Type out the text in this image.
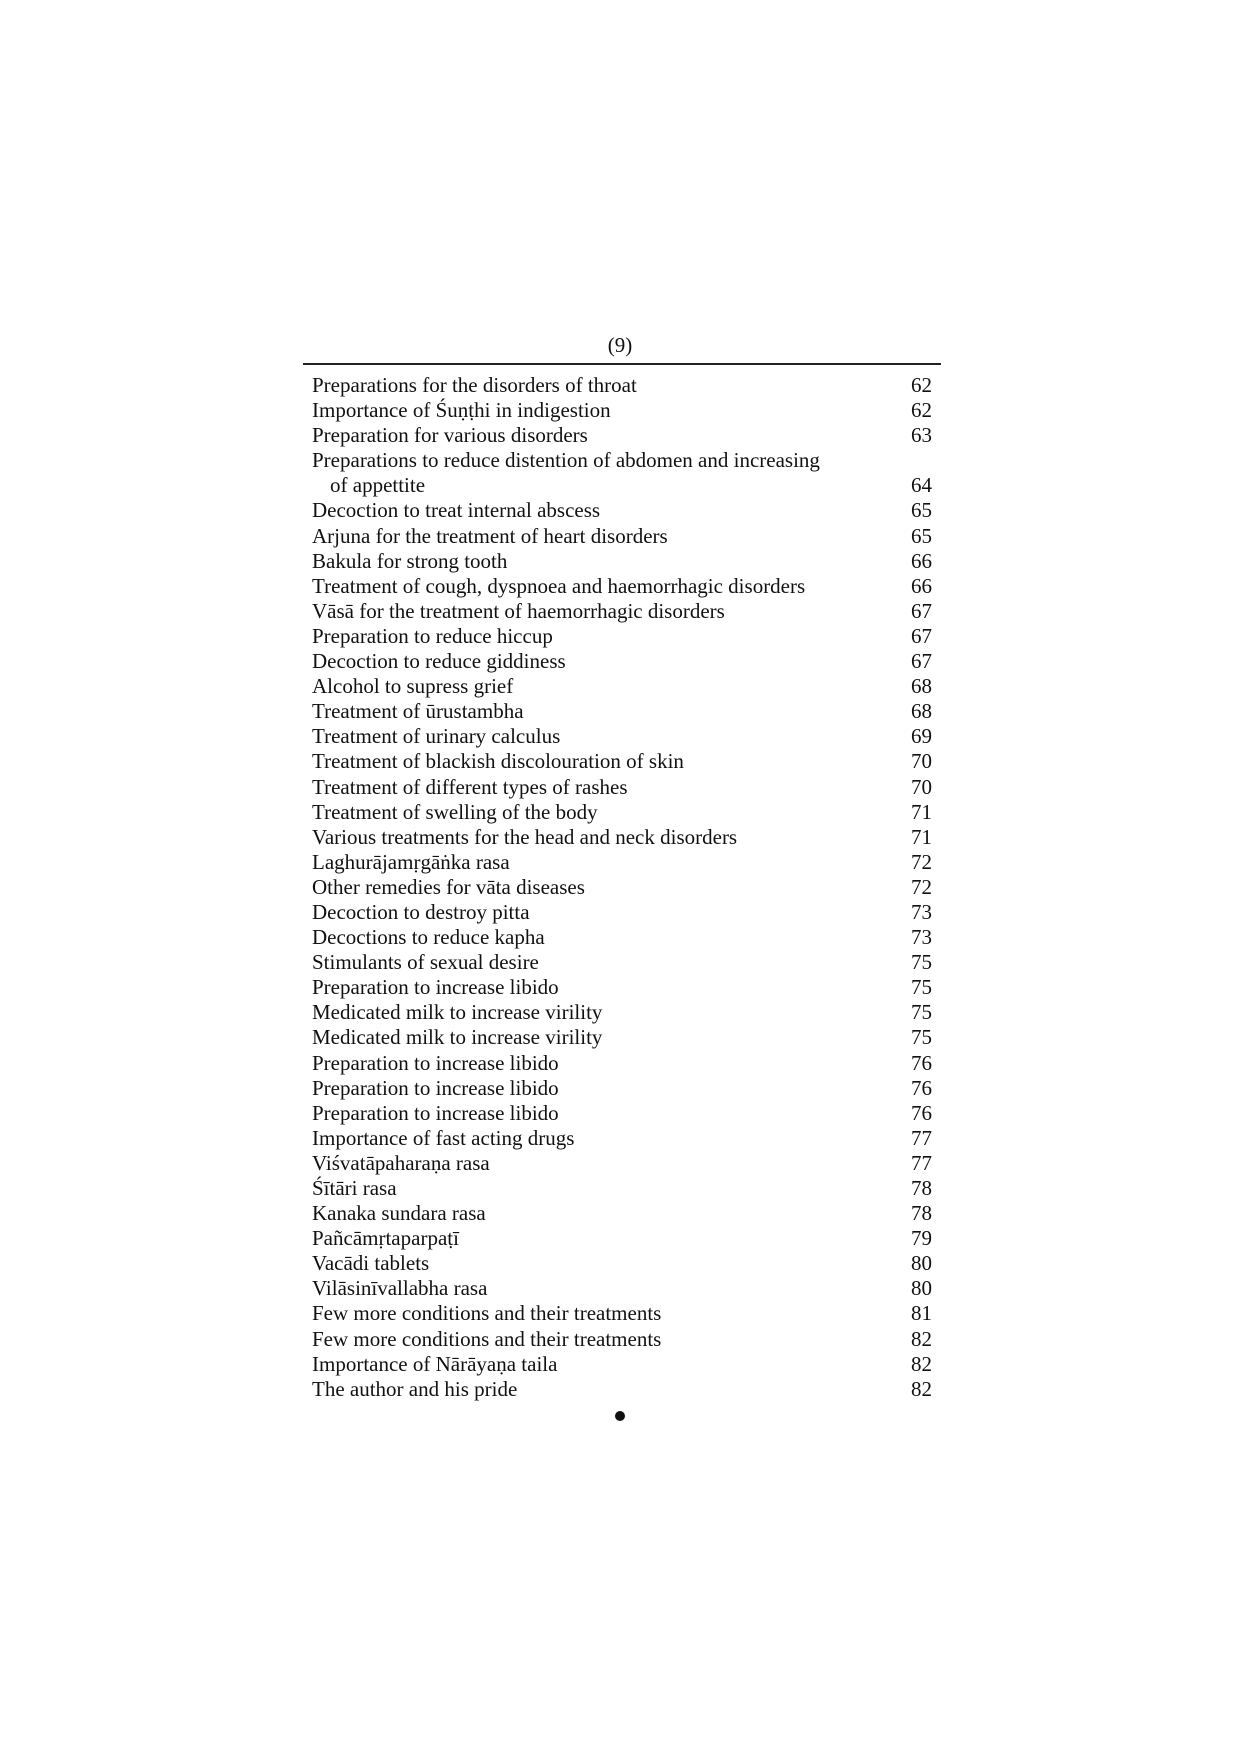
(9)
Preparations for the disorders of throat	62
Importance of Śuṇṭhi in indigestion	62
Preparation for various disorders	63
Preparations to reduce distention of abdomen and increasing
of appettite	64
Decoction to treat internal abscess	65
Arjuna for the treatment of heart disorders	65
Bakula for strong tooth	66
Treatment of cough, dyspnoea and haemorrhagic disorders	66
Vāsā for the treatment of haemorrhagic disorders	67
Preparation to reduce hiccup	67
Decoction to reduce giddiness	67
Alcohol to supress grief	68
Treatment of ūrustambha	68
Treatment of urinary calculus	69
Treatment of blackish discolouration of skin	70
Treatment of different types of rashes	70
Treatment of swelling of the body	71
Various treatments for the head and neck disorders	71
Laghurājamṛgāṅka rasa	72
Other remedies for vāta diseases	72
Decoction to destroy pitta	73
Decoctions to reduce kapha	73
Stimulants of sexual desire	75
Preparation to increase libido	75
Medicated milk to increase virility	75
Medicated milk to increase virility	75
Preparation to increase libido	76
Preparation to increase libido	76
Preparation to increase libido	76
Importance of fast acting drugs	77
Viśvatāpaharaṇa rasa	77
Śītāri rasa	78
Kanaka sundara rasa	78
Pañcāmṛtaparpaṭī	79
Vacādi tablets	80
Vilāsinīvallabha rasa	80
Few more conditions and their treatments	81
Few more conditions and their treatments	82
Importance of Nārāyaṇa taila	82
The author and his pride	82
